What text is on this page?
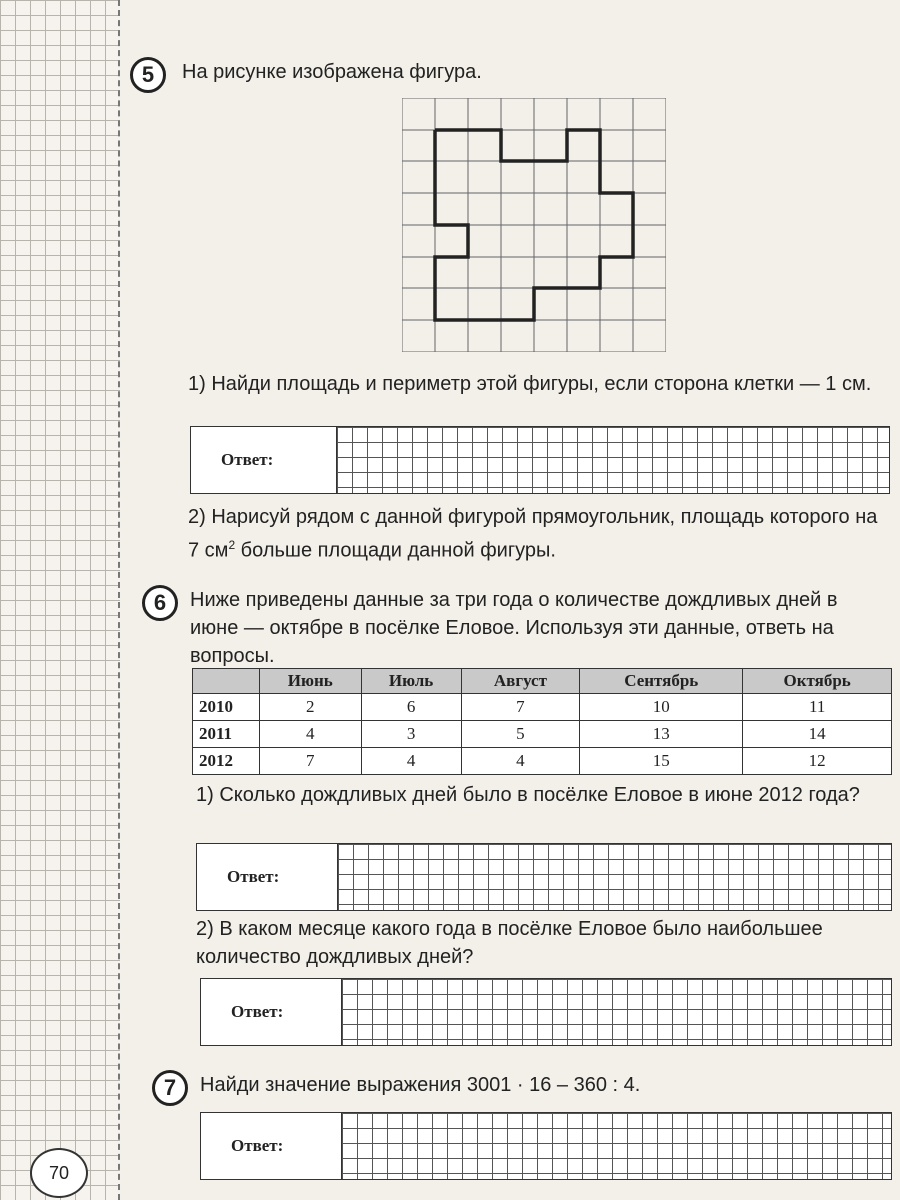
5	На рисунке изображена фигура.
1) Найди площадь и периметр этой фигуры, если сторона клетки — 1 см.
Ответ:
2) Нарисуй рядом с данной фигурой прямоугольник, площадь которого на 7 $см^2$ больше площади данной фигуры.
6	Ниже приведены данные за три года о количестве дождливых дней в июне — октябре в посёлке Еловое. Используя эти данные, ответь на вопросы.
	Июнь	Июль	Август	Сентябрь	Октябрь
2010	2	6	7	10	11
2011	4	3	5	13	14
2012	7	4	4	15	12
1) Сколько дождливых дней было в посёлке Еловое в июне 2012 года?
Ответ:
2) В каком месяце какого года в посёлке Еловое было наибольшее количество дождливых дней?
Ответ:
7	Найди значение выражения 3001 · 16 – 360 : 4.
Ответ:
70
